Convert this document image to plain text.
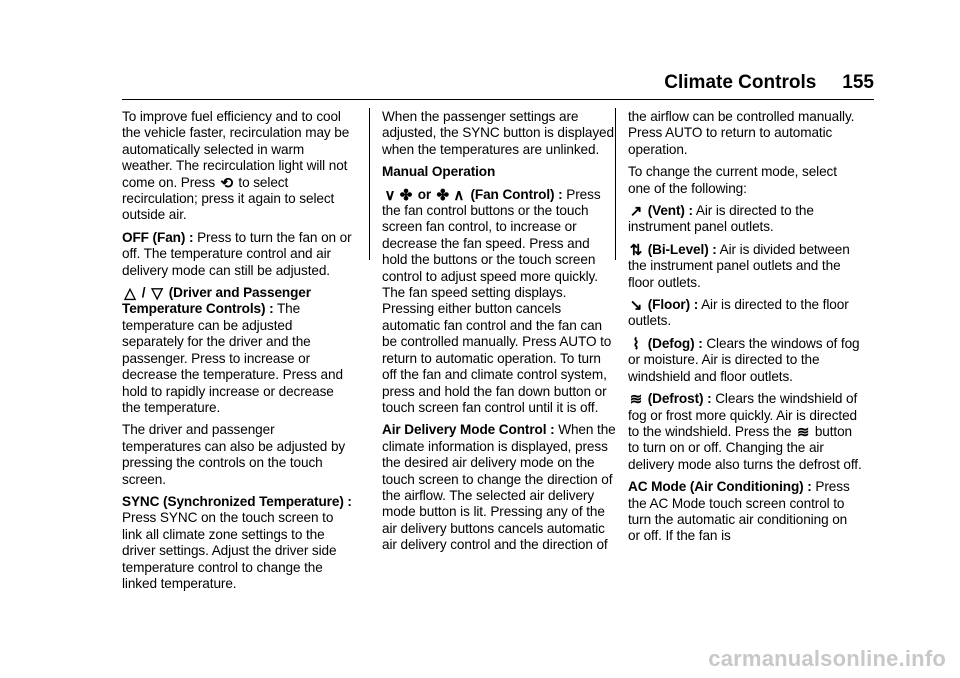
Climate Controls 155

To improve fuel efficiency and to cool the vehicle faster, recirculation may be automatically selected in warm weather. The recirculation light will not come on. Press ⟲ to select recirculation; press it again to select outside air.

OFF (Fan) : Press to turn the fan on or off. The temperature control and air delivery mode can still be adjusted.

△ / ▽ (Driver and Passenger Temperature Controls) : The temperature can be adjusted separately for the driver and the passenger. Press to increase or decrease the temperature. Press and hold to rapidly increase or decrease the temperature.

The driver and passenger temperatures can also be adjusted by pressing the controls on the touch screen.

SYNC (Synchronized Temperature) : Press SYNC on the touch screen to link all climate zone settings to the driver settings. Adjust the driver side temperature control to change the linked temperature.

When the passenger settings are adjusted, the SYNC button is displayed when the temperatures are unlinked.

Manual Operation

∨ ✤ or ✤ ∧ (Fan Control) : Press the fan control buttons or the touch screen fan control, to increase or decrease the fan speed. Press and hold the buttons or the touch screen control to adjust speed more quickly. The fan speed setting displays. Pressing either button cancels automatic fan control and the fan can be controlled manually. Press AUTO to return to automatic operation. To turn off the fan and climate control system, press and hold the fan down button or touch screen fan control until it is off.

Air Delivery Mode Control : When the climate information is displayed, press the desired air delivery mode on the touch screen to change the direction of the airflow. The selected air delivery mode button is lit. Pressing any of the air delivery buttons cancels automatic air delivery control and the direction of

the airflow can be controlled manually. Press AUTO to return to automatic operation.

To change the current mode, select one of the following:

↗ (Vent) : Air is directed to the instrument panel outlets.

⇅ (Bi-Level) : Air is divided between the instrument panel outlets and the floor outlets.

↘ (Floor) : Air is directed to the floor outlets.

⌇ (Defog) : Clears the windows of fog or moisture. Air is directed to the windshield and floor outlets.

≋ (Defrost) : Clears the windshield of fog or frost more quickly. Air is directed to the windshield. Press the ≋ button to turn on or off. Changing the air delivery mode also turns the defrost off.

AC Mode (Air Conditioning) : Press the AC Mode touch screen control to turn the automatic air conditioning on or off. If the fan is

carmanualsonline.info
